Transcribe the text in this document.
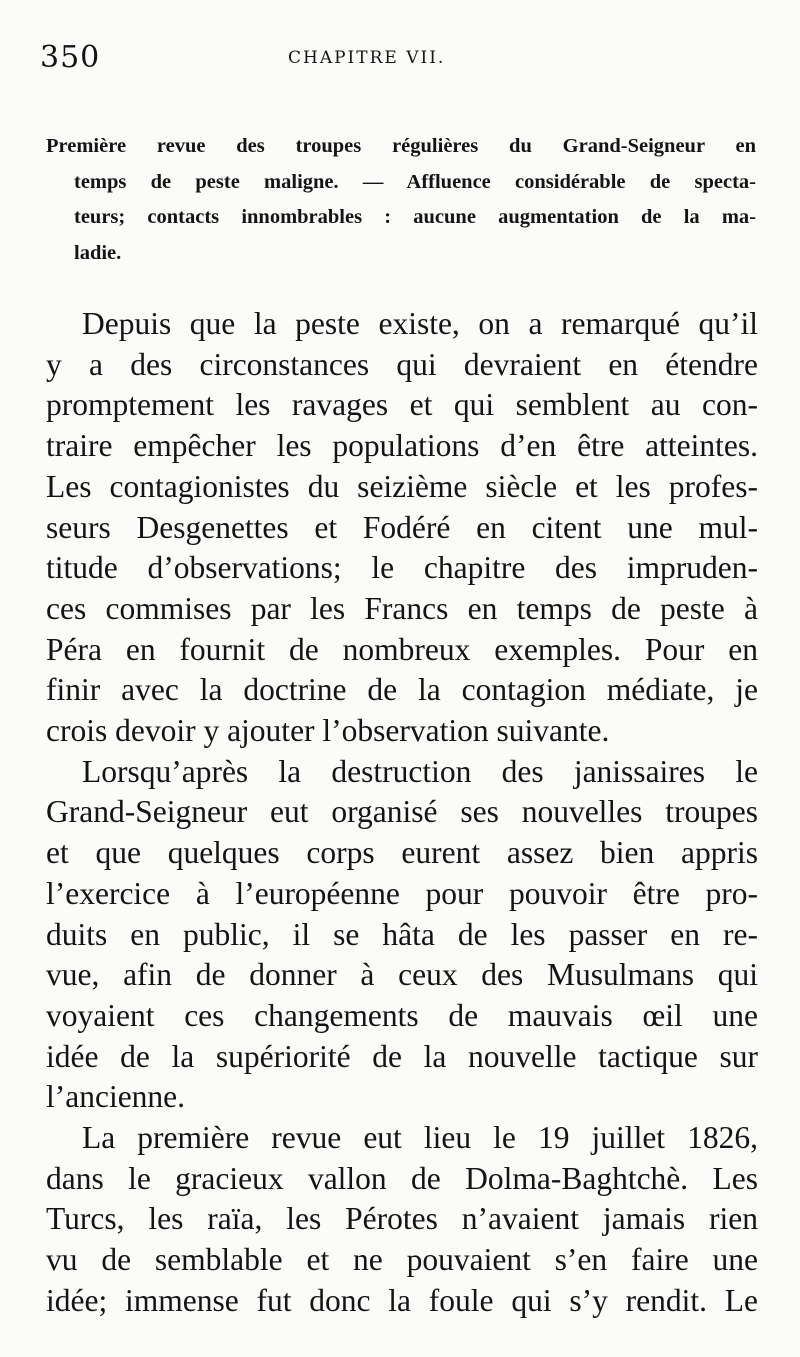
350	CHAPITRE VII.
Première revue des troupes régulières du Grand-Seigneur en
temps de peste maligne. — Affluence considérable de specta-
teurs; contacts innombrables : aucune augmentation de la ma-
ladie.
Depuis que la peste existe, on a remarqué qu’il
y a des circonstances qui devraient en étendre
promptement les ravages et qui semblent au con-
traire empêcher les populations d’en être atteintes.
Les contagionistes du seizième siècle et les profes-
seurs Desgenettes et Fodéré en citent une mul-
titude d’observations; le chapitre des impruden-
ces commises par les Francs en temps de peste à
Péra en fournit de nombreux exemples. Pour en
finir avec la doctrine de la contagion médiate, je
crois devoir y ajouter l’observation suivante.
Lorsqu’après la destruction des janissaires le
Grand-Seigneur eut organisé ses nouvelles troupes
et que quelques corps eurent assez bien appris
l’exercice à l’européenne pour pouvoir être pro-
duits en public, il se hâta de les passer en re-
vue, afin de donner à ceux des Musulmans qui
voyaient ces changements de mauvais œil une
idée de la supériorité de la nouvelle tactique sur
l’ancienne.
La première revue eut lieu le 19 juillet 1826,
dans le gracieux vallon de Dolma-Baghtchè. Les
Turcs, les raïa, les Pérotes n’avaient jamais rien
vu de semblable et ne pouvaient s’en faire une
idée; immense fut donc la foule qui s’y rendit. Le
